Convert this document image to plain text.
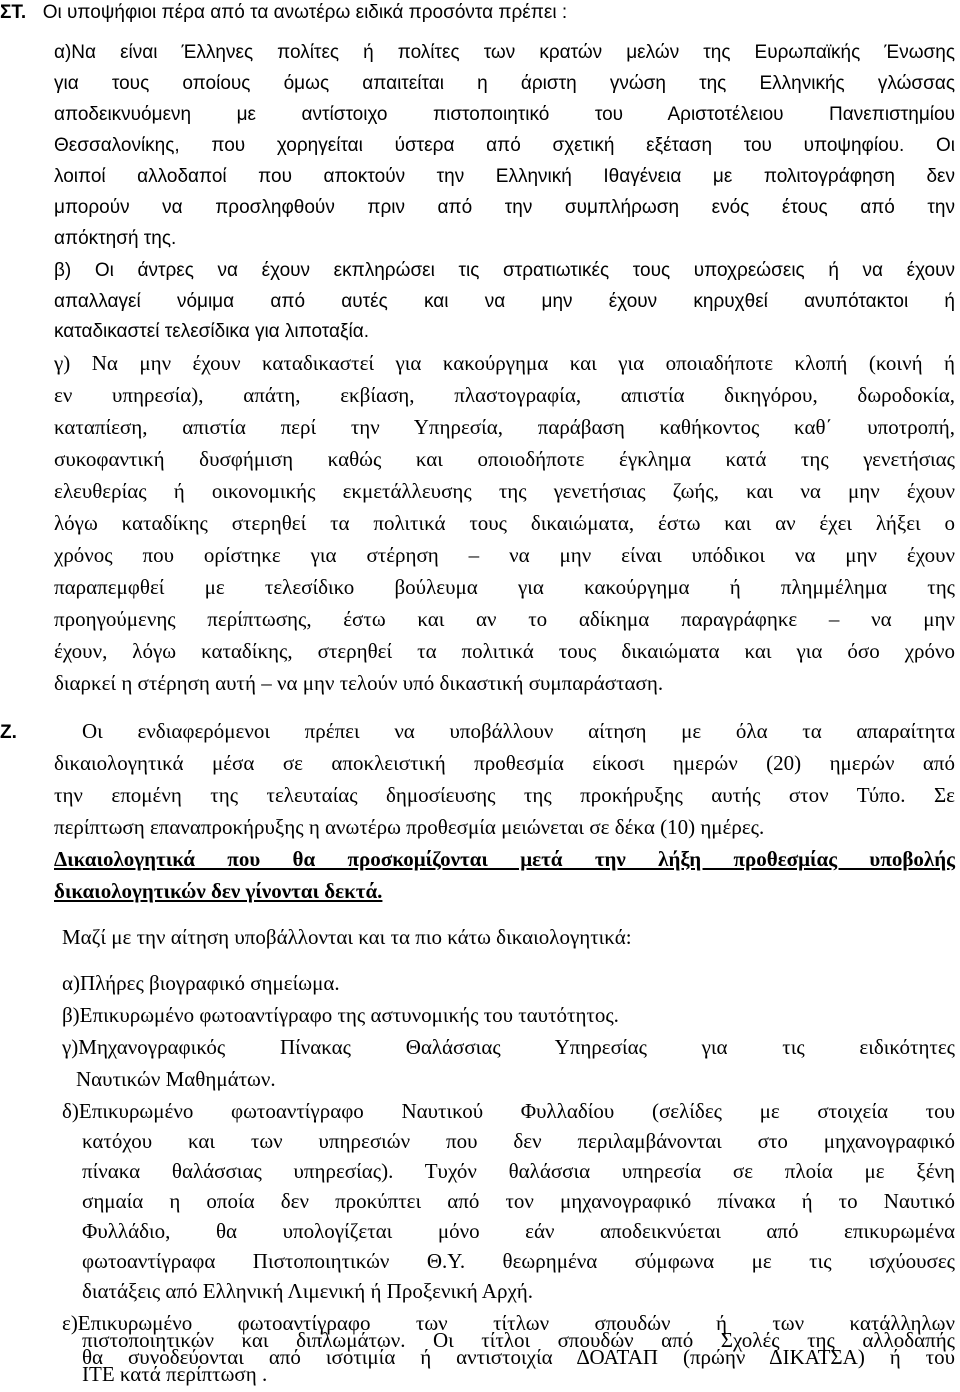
ΣΤ. Οι υποψήφιοι πέρα από τα ανωτέρω ειδικά προσόντα πρέπει :
α)Να είναι Έλληνες πολίτες ή πολίτες των κρατών μελών της Ευρωπαϊκής Ένωσης
για τους οποίους όμως απαιτείται η άριστη γνώση της Ελληνικής γλώσσας
αποδεικνυόμενη με αντίστοιχο πιστοποιητικό του Αριστοτέλειου Πανεπιστημίου
Θεσσαλονίκης, που χορηγείται ύστερα από σχετική εξέταση του υποψηφίου. Οι
λοιποί αλλοδαποί που αποκτούν την Ελληνική Ιθαγένεια με πολιτογράφηση δεν
μπορούν να προσληφθούν πριν από την συμπλήρωση ενός έτους από την
απόκτησή της.
β) Οι άντρες να έχουν εκπληρώσει τις στρατιωτικές τους υποχρεώσεις ή να έχουν
απαλλαγεί νόμιμα από αυτές και να μην έχουν κηρυχθεί ανυπότακτοι ή
καταδικαστεί τελεσίδικα για λιποταξία.
γ) Να μην έχουν καταδικαστεί για κακούργημα και για οποιαδήποτε κλοπή (κοινή ή
εν υπηρεσία), απάτη, εκβίαση, πλαστογραφία, απιστία δικηγόρου, δωροδοκία,
καταπίεση, απιστία περί την Υπηρεσία, παράβαση καθήκοντος καθ΄ υποτροπή,
συκοφαντική δυσφήμιση καθώς και οποιοδήποτε έγκλημα κατά της γενετήσιας
ελευθερίας ή οικονομικής εκμετάλλευσης της γενετήσιας ζωής, και να μην έχουν
λόγω καταδίκης στερηθεί τα πολιτικά τους δικαιώματα, έστω και αν έχει λήξει ο
χρόνος που ορίστηκε για στέρηση – να μην είναι υπόδικοι να μην έχουν
παραπεμφθεί με τελεσίδικο βούλευμα για κακούργημα ή πλημμέλημα της
προηγούμενης περίπτωσης, έστω και αν το αδίκημα παραγράφηκε – να μην
έχουν, λόγω καταδίκης, στερηθεί τα πολιτικά τους δικαιώματα και για όσο χρόνο
διαρκεί η στέρηση αυτή – να μην τελούν υπό δικαστική συμπαράσταση.
Ζ.	Οι ενδιαφερόμενοι πρέπει να υποβάλλουν αίτηση με όλα τα απαραίτητα
δικαιολογητικά μέσα σε αποκλειστική προθεσμία είκοσι ημερών (20) ημερών από
την επομένη της τελευταίας δημοσίευσης της προκήρυξης αυτής στον Τύπο. Σε
περίπτωση επαναπροκήρυξης η ανωτέρω προθεσμία μειώνεται σε δέκα (10) ημέρες.
Δικαιολογητικά που θα προσκομίζονται μετά την λήξη προθεσμίας υποβολής
δικαιολογητικών δεν γίνονται δεκτά.
Μαζί με την αίτηση υποβάλλονται και τα πιο κάτω δικαιολογητικά:
α)Πλήρες βιογραφικό σημείωμα.
β)Επικυρωμένο φωτοαντίγραφο της αστυνομικής του ταυτότητος.
γ)Μηχανογραφικός Πίνακας Θαλάσσιας Υπηρεσίας για τις ειδικότητες
Ναυτικών Μαθημάτων.
δ)Επικυρωμένο φωτοαντίγραφο Ναυτικού Φυλλαδίου (σελίδες με στοιχεία του
κατόχου και των υπηρεσιών που δεν περιλαμβάνονται στο μηχανογραφικό
πίνακα θαλάσσιας υπηρεσίας). Τυχόν θαλάσσια υπηρεσία σε πλοία με ξένη
σημαία η οποία δεν προκύπτει από τον μηχανογραφικό πίνακα ή το Ναυτικό
Φυλλάδιο, θα υπολογίζεται μόνο εάν αποδεικνύεται από επικυρωμένα
φωτοαντίγραφα Πιστοποιητικών Θ.Υ. θεωρημένα σύμφωνα με τις ισχύουσες
διατάξεις από Ελληνική Λιμενική ή Προξενική Αρχή.
ε)Επικυρωμένο φωτοαντίγραφο των τίτλων σπουδών ή των κατάλληλων
πιστοποιητικών και διπλωμάτων. Οι τίτλοι σπουδών από Σχολές της αλλοδαπής
θα συνοδεύονται από ισοτιμία ή αντιστοιχία ΔΟΑΤΑΠ (πρώην ΔΙΚΑΤΣΑ) ή του
ΙΤΕ κατά περίπτωση .
